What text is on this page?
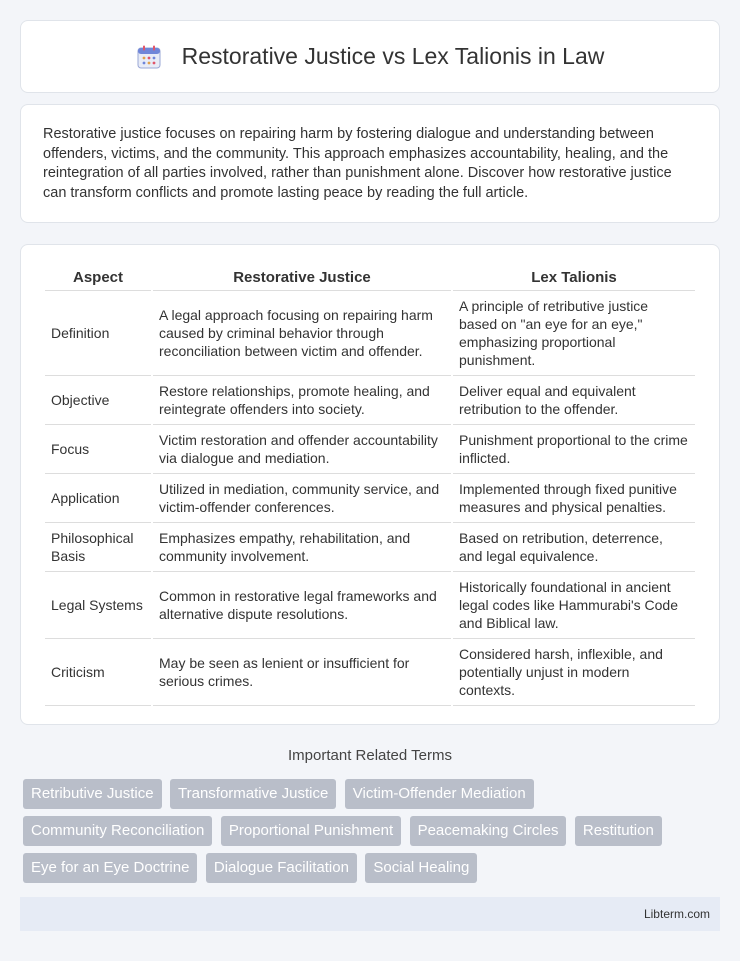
Restorative Justice vs Lex Talionis in Law

Restorative justice focuses on repairing harm by fostering dialogue and understanding between offenders, victims, and the community. This approach emphasizes accountability, healing, and the reintegration of all parties involved, rather than punishment alone. Discover how restorative justice can transform conflicts and promote lasting peace by reading the full article.

Aspect	Restorative Justice	Lex Talionis
Definition	A legal approach focusing on repairing harm caused by criminal behavior through reconciliation between victim and offender.	A principle of retributive justice based on "an eye for an eye," emphasizing proportional punishment.
Objective	Restore relationships, promote healing, and reintegrate offenders into society.	Deliver equal and equivalent retribution to the offender.
Focus	Victim restoration and offender accountability via dialogue and mediation.	Punishment proportional to the crime inflicted.
Application	Utilized in mediation, community service, and victim-offender conferences.	Implemented through fixed punitive measures and physical penalties.
Philosophical Basis	Emphasizes empathy, rehabilitation, and community involvement.	Based on retribution, deterrence, and legal equivalence.
Legal Systems	Common in restorative legal frameworks and alternative dispute resolutions.	Historically foundational in ancient legal codes like Hammurabi's Code and Biblical law.
Criticism	May be seen as lenient or insufficient for serious crimes.	Considered harsh, inflexible, and potentially unjust in modern contexts.
Important Related Terms
Retributive Justice Transformative Justice Victim-Offender Mediation Community Reconciliation Proportional Punishment Peacemaking Circles Restitution Eye for an Eye Doctrine Dialogue Facilitation Social Healing
Libterm.com
